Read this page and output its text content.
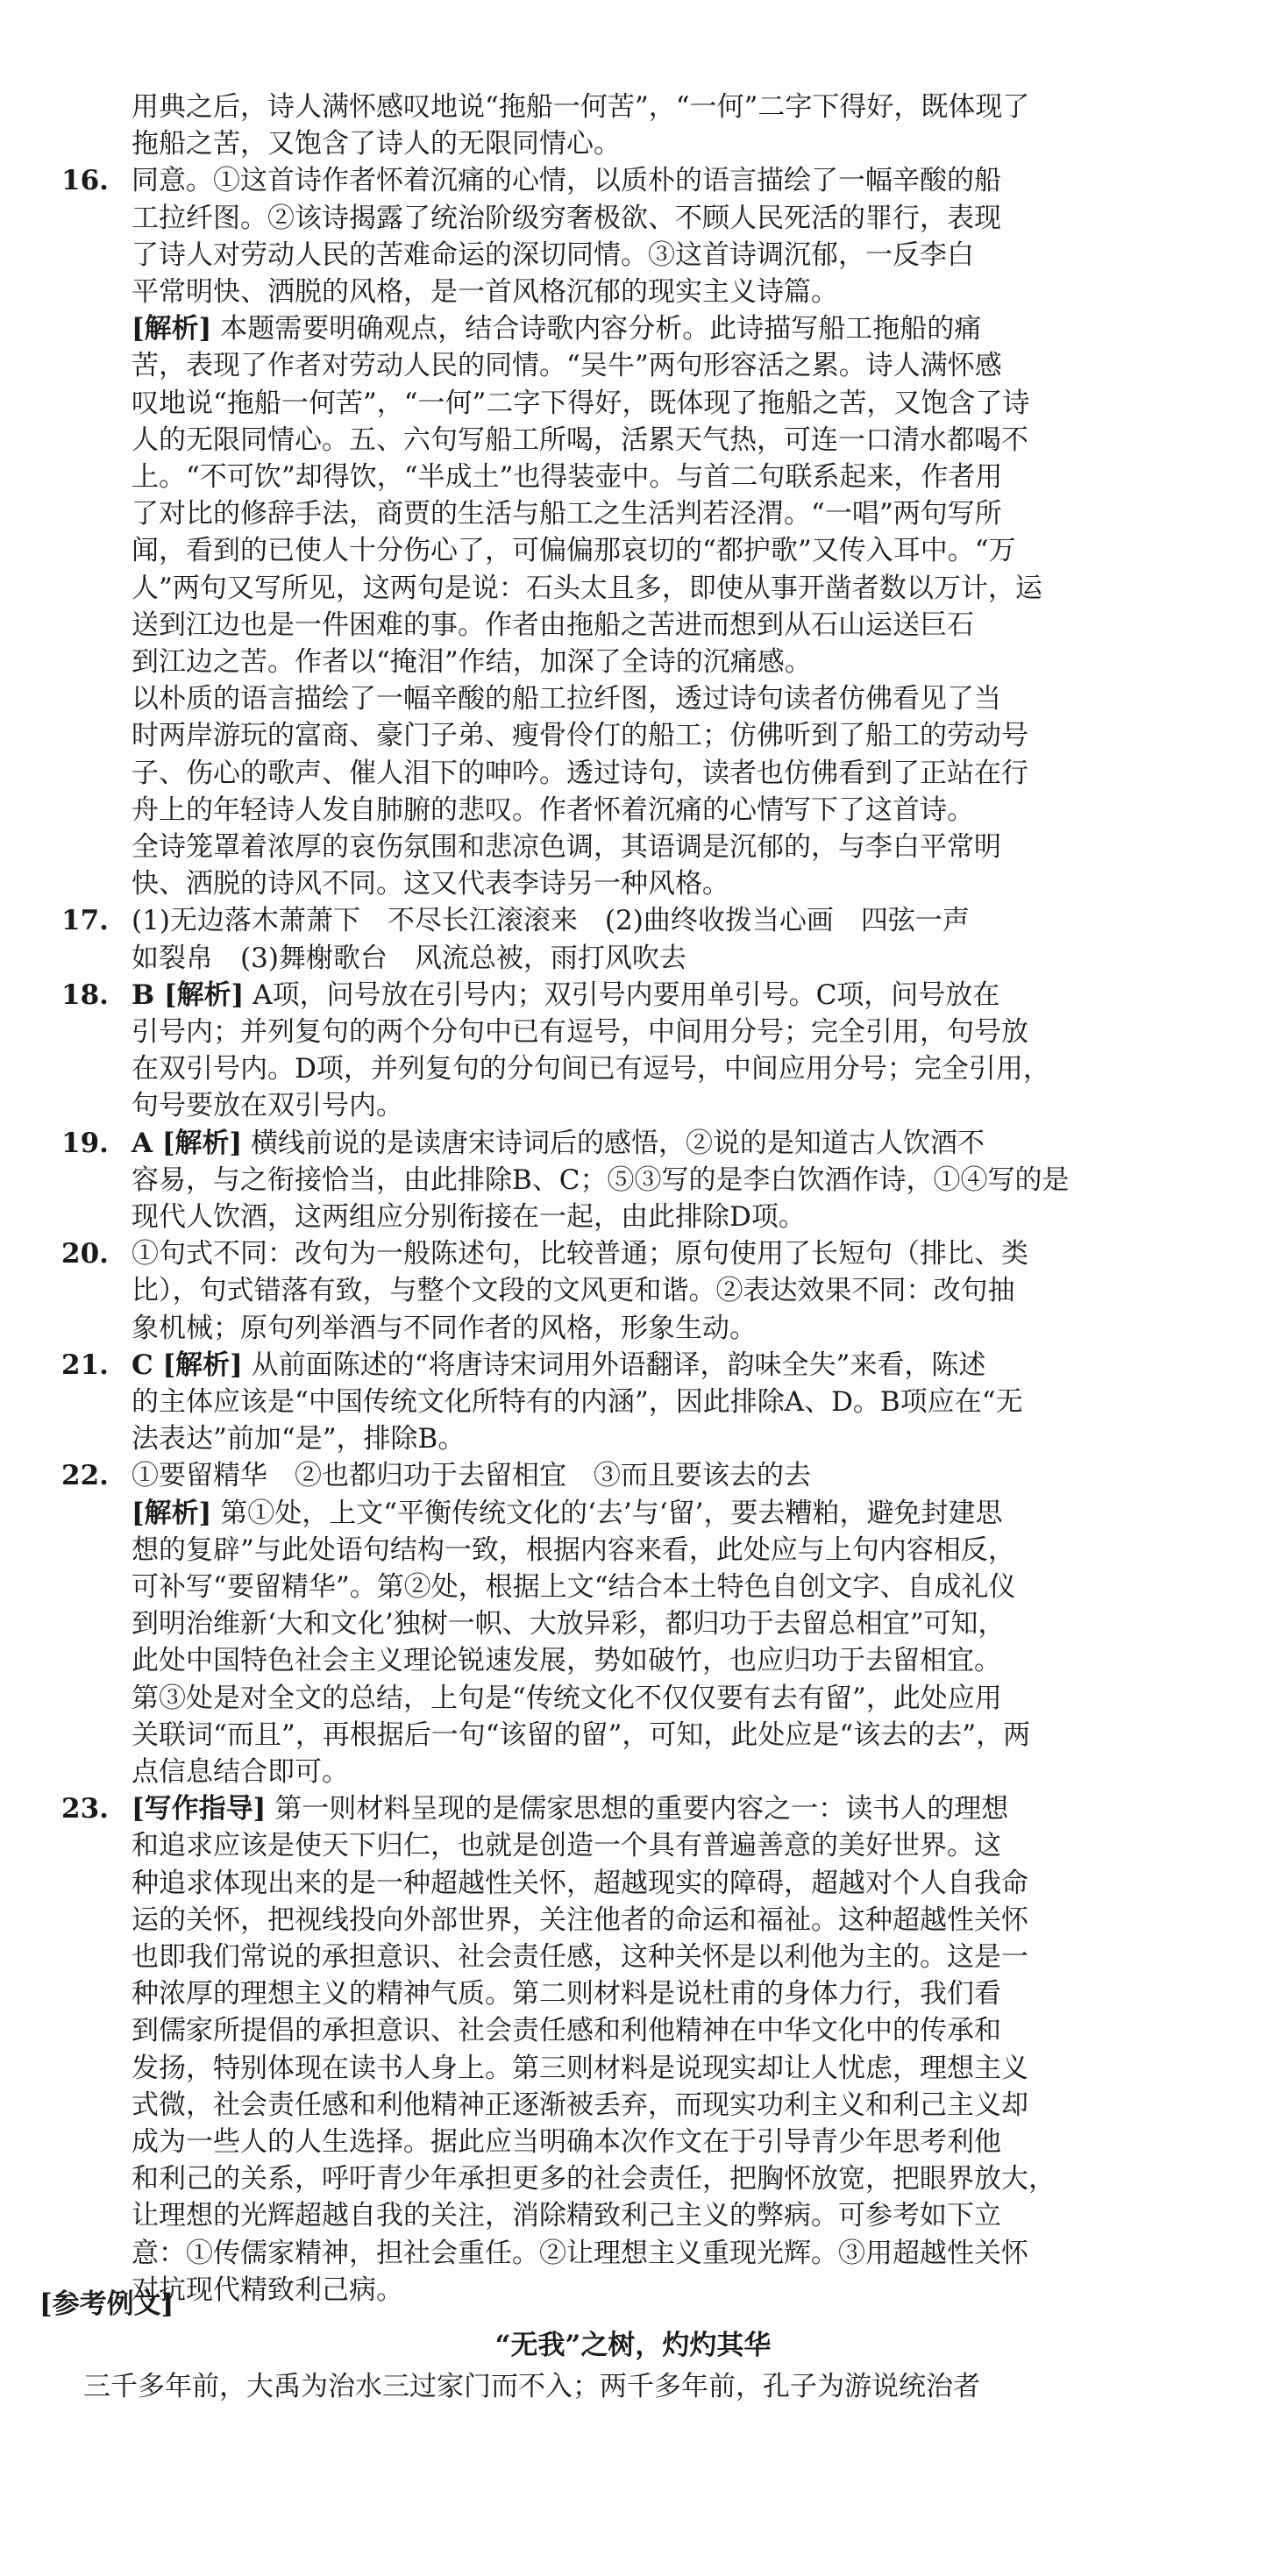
用典之后，诗人满怀感叹地说“拖船一何苦”，“一何”二字下得好，既体现了
拖船之苦，又饱含了诗人的无限同情心。
16. 同意。①这首诗作者怀着沉痛的心情，以质朴的语言描绘了一幅辛酸的船
工拉纤图。②该诗揭露了统治阶级穷奢极欲、不顾人民死活的罪行，表现
了诗人对劳动人民的苦难命运的深切同情。③这首诗调沉郁，一反李白
平常明快、洒脱的风格，是一首风格沉郁的现实主义诗篇。
[解析] 本题需要明确观点，结合诗歌内容分析。此诗描写船工拖船的痛
苦，表现了作者对劳动人民的同情。“吴牛”两句形容活之累。诗人满怀感
叹地说“拖船一何苦”，“一何”二字下得好，既体现了拖船之苦，又饱含了诗
人的无限同情心。五、六句写船工所喝，活累天气热，可连一口清水都喝不
上。“不可饮”却得饮，“半成土”也得装壶中。与首二句联系起来，作者用
了对比的修辞手法，商贾的生活与船工之生活判若泾渭。“一唱”两句写所
闻，看到的已使人十分伤心了，可偏偏那哀切的“都护歌”又传入耳中。“万
人”两句又写所见，这两句是说：石头太且多，即使从事开凿者数以万计，运
送到江边也是一件困难的事。作者由拖船之苦进而想到从石山运送巨石
到江边之苦。作者以“掩泪”作结，加深了全诗的沉痛感。
以朴质的语言描绘了一幅辛酸的船工拉纤图，透过诗句读者仿佛看见了当
时两岸游玩的富商、豪门子弟、瘦骨伶仃的船工；仿佛听到了船工的劳动号
子、伤心的歌声、催人泪下的呻吟。透过诗句，读者也仿佛看到了正站在行
舟上的年轻诗人发自肺腑的悲叹。作者怀着沉痛的心情写下了这首诗。
全诗笼罩着浓厚的哀伤氛围和悲凉色调，其语调是沉郁的，与李白平常明
快、洒脱的诗风不同。这又代表李诗另一种风格。
17. (1)无边落木萧萧下　不尽长江滚滚来　(2)曲终收拨当心画　四弦一声
如裂帛　(3)舞榭歌台　风流总被，雨打风吹去
18. B [解析] A项，问号放在引号内；双引号内要用单引号。C项，问号放在
引号内；并列复句的两个分句中已有逗号，中间用分号；完全引用，句号放
在双引号内。D项，并列复句的分句间已有逗号，中间应用分号；完全引用，
句号要放在双引号内。
19. A [解析] 横线前说的是读唐宋诗词后的感悟，②说的是知道古人饮酒不
容易，与之衔接恰当，由此排除B、C；⑤③写的是李白饮酒作诗，①④写的是
现代人饮酒，这两组应分别衔接在一起，由此排除D项。
20. ①句式不同：改句为一般陈述句，比较普通；原句使用了长短句（排比、类
比），句式错落有致，与整个文段的文风更和谐。②表达效果不同：改句抽
象机械；原句列举酒与不同作者的风格，形象生动。
21. C [解析] 从前面陈述的“将唐诗宋词用外语翻译，韵味全失”来看，陈述
的主体应该是“中国传统文化所特有的内涵”，因此排除A、D。B项应在“无
法表达”前加“是”，排除B。
22. ①要留精华　②也都归功于去留相宜　③而且要该去的去
[解析] 第①处，上文“平衡传统文化的‘去’与‘留’，要去糟粕，避免封建思
想的复辟”与此处语句结构一致，根据内容来看，此处应与上句内容相反，
可补写“要留精华”。第②处，根据上文“结合本土特色自创文字、自成礼仪
到明治维新‘大和文化’独树一帜、大放异彩，都归功于去留总相宜”可知，
此处中国特色社会主义理论锐速发展，势如破竹，也应归功于去留相宜。
第③处是对全文的总结，上句是“传统文化不仅仅要有去有留”，此处应用
关联词“而且”，再根据后一句“该留的留”，可知，此处应是“该去的去”，两
点信息结合即可。
23. [写作指导] 第一则材料呈现的是儒家思想的重要内容之一：读书人的理想
和追求应该是使天下归仁，也就是创造一个具有普遍善意的美好世界。这
种追求体现出来的是一种超越性关怀，超越现实的障碍，超越对个人自我命
运的关怀，把视线投向外部世界，关注他者的命运和福祉。这种超越性关怀
也即我们常说的承担意识、社会责任感，这种关怀是以利他为主的。这是一
种浓厚的理想主义的精神气质。第二则材料是说杜甫的身体力行，我们看
到儒家所提倡的承担意识、社会责任感和利他精神在中华文化中的传承和
发扬，特别体现在读书人身上。第三则材料是说现实却让人忧虑，理想主义
式微，社会责任感和利他精神正逐渐被丢弃，而现实功利主义和利己主义却
成为一些人的人生选择。据此应当明确本次作文在于引导青少年思考利他
和利己的关系，呼吁青少年承担更多的社会责任，把胸怀放宽，把眼界放大，
让理想的光辉超越自我的关注，消除精致利己主义的弊病。可参考如下立
意：①传儒家精神，担社会重任。②让理想主义重现光辉。③用超越性关怀
对抗现代精致利己病。
[参考例文]
“无我”之树，灼灼其华
三千多年前，大禹为治水三过家门而不入；两千多年前，孔子为游说统治者
